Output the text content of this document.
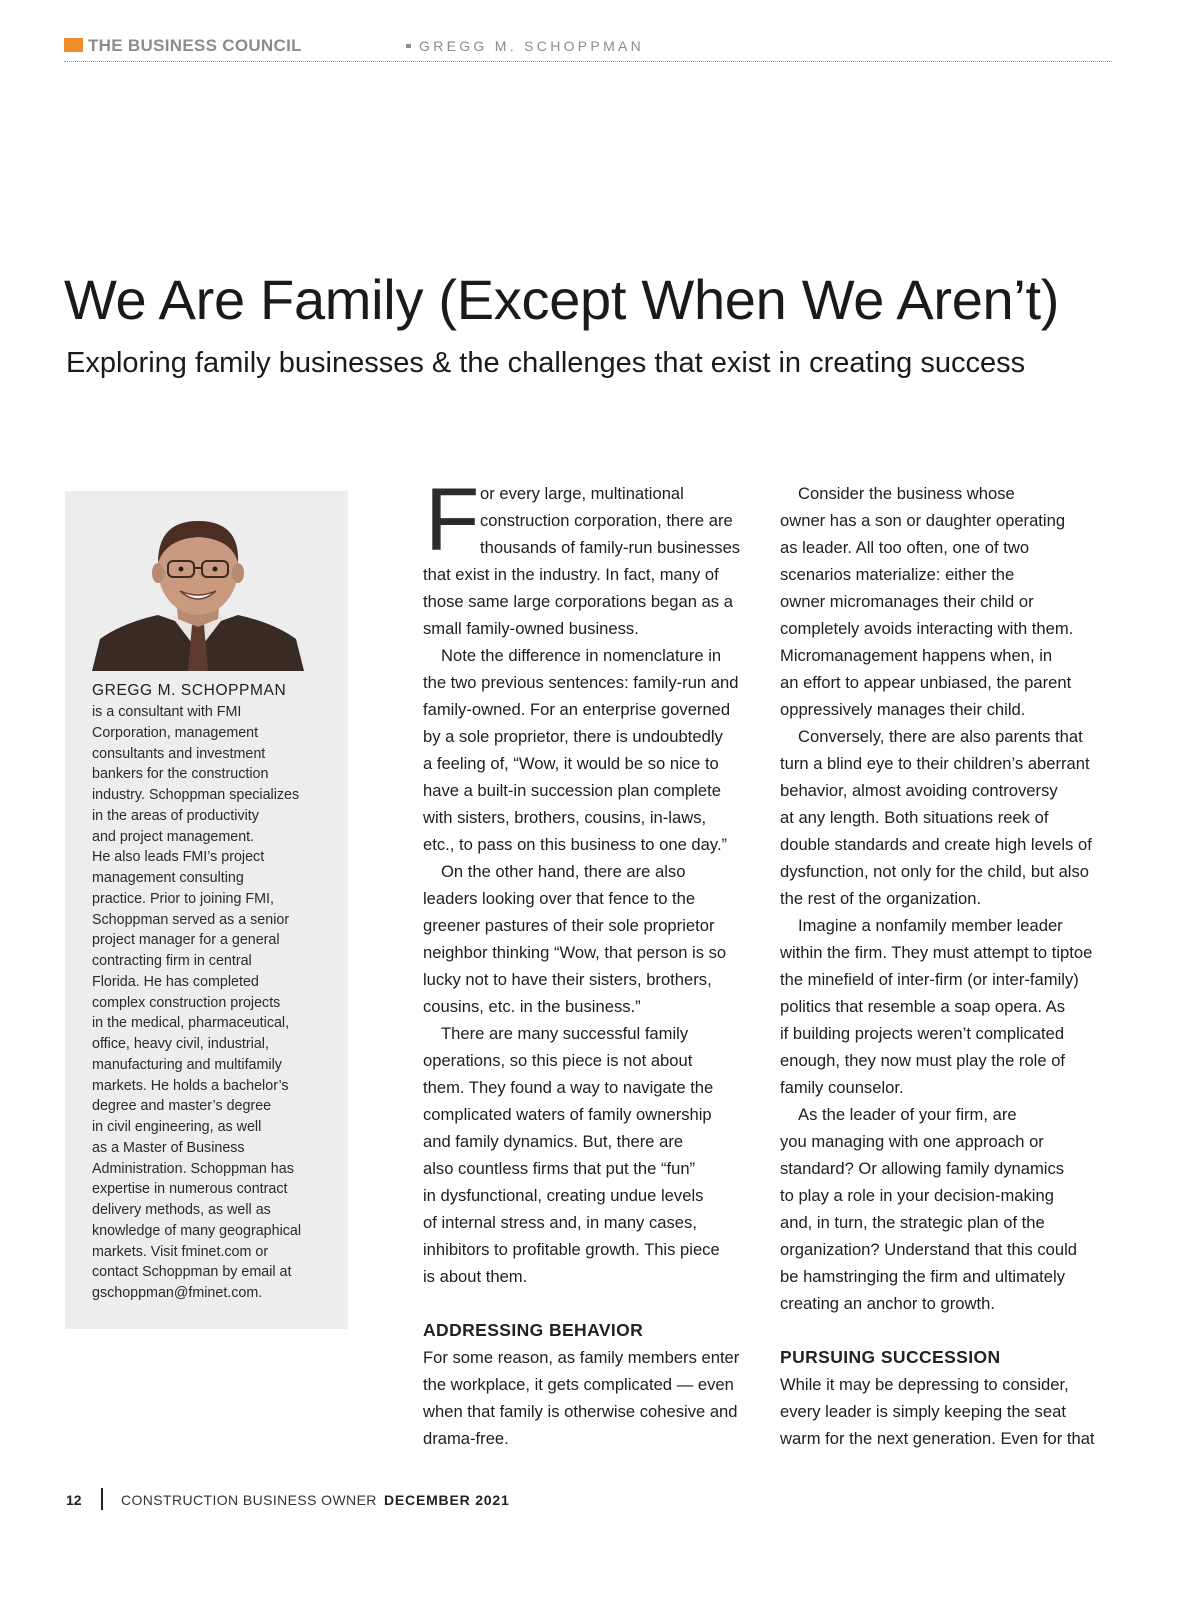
THE BUSINESS COUNCIL	GREGG M. SCHOPPMAN
We Are Family (Except When We Aren’t)
Exploring family businesses & the challenges that exist in creating success
GREGG M. SCHOPPMAN
is a consultant with FMI
Corporation, management
consultants and investment
bankers for the construction
industry. Schoppman specializes
in the areas of productivity
and project management.
He also leads FMI’s project
management consulting
practice. Prior to joining FMI,
Schoppman served as a senior
project manager for a general
contracting firm in central
Florida. He has completed
complex construction projects
in the medical, pharmaceutical,
office, heavy civil, industrial,
manufacturing and multifamily
markets. He holds a bachelor’s
degree and master’s degree
in civil engineering, as well
as a Master of Business
Administration. Schoppman has
expertise in numerous contract
delivery methods, as well as
knowledge of many geographical
markets. Visit fminet.com or
contact Schoppman by email at
gschoppman@fminet.com.
F or every large, multinational
construction corporation, there are
thousands of family-run businesses
that exist in the industry. In fact, many of
those same large corporations began as a
small family-owned business.
Note the difference in nomenclature in
the two previous sentences: family-run and
family-owned. For an enterprise governed
by a sole proprietor, there is undoubtedly
a feeling of, “Wow, it would be so nice to
have a built-in succession plan complete
with sisters, brothers, cousins, in-laws,
etc., to pass on this business to one day.”
On the other hand, there are also
leaders looking over that fence to the
greener pastures of their sole proprietor
neighbor thinking “Wow, that person is so
lucky not to have their sisters, brothers,
cousins, etc. in the business.”
There are many successful family
operations, so this piece is not about
them. They found a way to navigate the
complicated waters of family ownership
and family dynamics. But, there are
also countless firms that put the “fun”
in dysfunctional, creating undue levels
of internal stress and, in many cases,
inhibitors to profitable growth. This piece
is about them.
ADDRESSING BEHAVIOR
For some reason, as family members enter
the workplace, it gets complicated — even
when that family is otherwise cohesive and
drama-free.
Consider the business whose
owner has a son or daughter operating
as leader. All too often, one of two
scenarios materialize: either the
owner micromanages their child or
completely avoids interacting with them.
Micromanagement happens when, in
an effort to appear unbiased, the parent
oppressively manages their child.
Conversely, there are also parents that
turn a blind eye to their children’s aberrant
behavior, almost avoiding controversy
at any length. Both situations reek of
double standards and create high levels of
dysfunction, not only for the child, but also
the rest of the organization.
Imagine a nonfamily member leader
within the firm. They must attempt to tiptoe
the minefield of inter-firm (or inter-family)
politics that resemble a soap opera. As
if building projects weren’t complicated
enough, they now must play the role of
family counselor.
As the leader of your firm, are
you managing with one approach or
standard? Or allowing family dynamics
to play a role in your decision-making
and, in turn, the strategic plan of the
organization? Understand that this could
be hamstringing the firm and ultimately
creating an anchor to growth.
PURSUING SUCCESSION
While it may be depressing to consider,
every leader is simply keeping the seat
warm for the next generation. Even for that
12	CONSTRUCTION BUSINESS OWNER DECEMBER 2021
